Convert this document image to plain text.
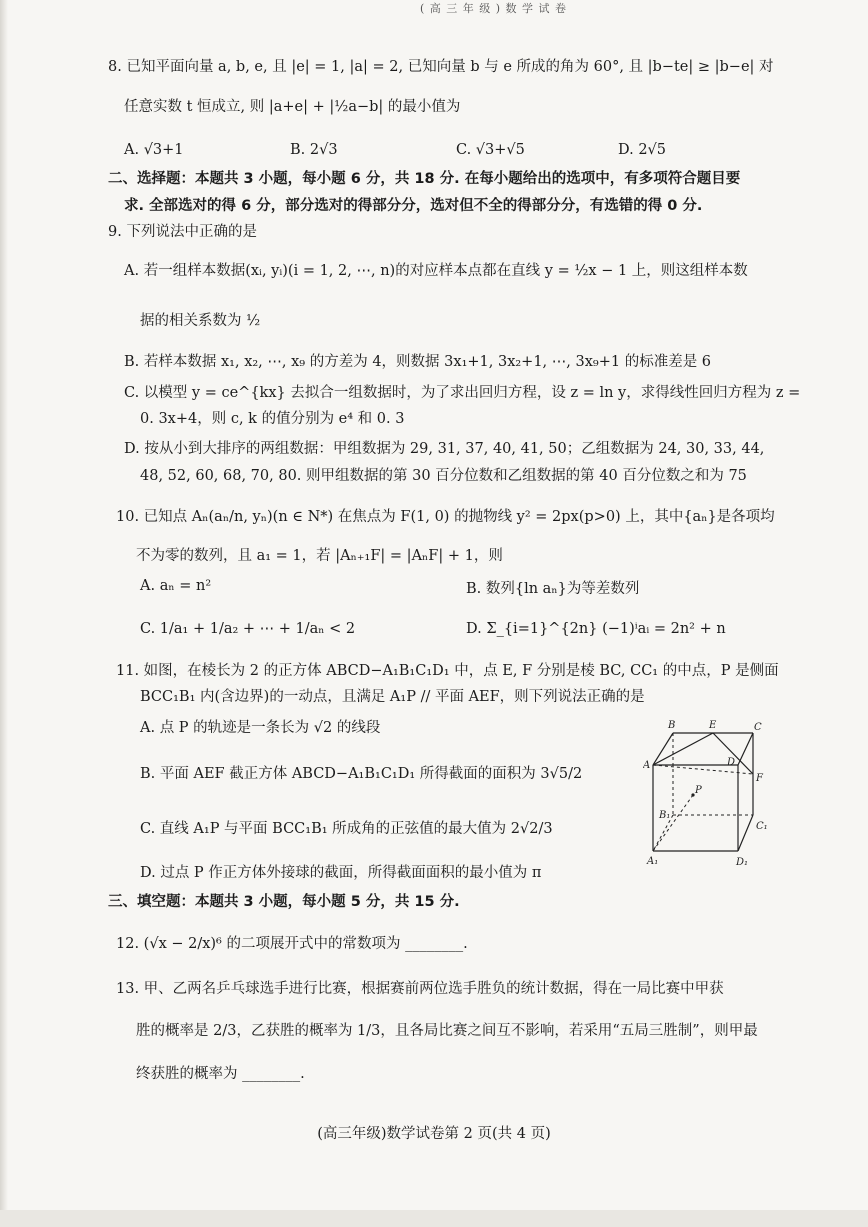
( 高 三 年 级 ) 数 学 试 卷
8. 已知平面向量 a, b, e, 且 |e| = 1, |a| = 2, 已知向量 b 与 e 所成的角为 60°, 且 |b−te| ≥ |b−e| 对
任意实数 t 恒成立, 则 |a+e| + |½a−b| 的最小值为
A. √3+1	B. 2√3	C. √3+√5	D. 2√5
二、选择题：本题共 3 小题，每小题 6 分，共 18 分. 在每小题给出的选项中，有多项符合题目要
求. 全部选对的得 6 分，部分选对的得部分分，选对但不全的得部分分，有选错的得 0 分.
9. 下列说法中正确的是
A. 若一组样本数据(xᵢ, yᵢ)(i = 1, 2, ⋯, n)的对应样本点都在直线 y = ½x − 1 上，则这组样本数
据的相关系数为 ½
B. 若样本数据 x₁, x₂, ⋯, x₉ 的方差为 4，则数据 3x₁+1, 3x₂+1, ⋯, 3x₉+1 的标准差是 6
C. 以模型 y = ce^{kx} 去拟合一组数据时，为了求出回归方程，设 z = ln y，求得线性回归方程为 z =
0. 3x+4，则 c, k 的值分别为 e⁴ 和 0. 3
D. 按从小到大排序的两组数据：甲组数据为 29, 31, 37, 40, 41, 50；乙组数据为 24, 30, 33, 44,
48, 52, 60, 68, 70, 80. 则甲组数据的第 30 百分位数和乙组数据的第 40 百分位数之和为 75
10. 已知点 Aₙ(aₙ/n, yₙ)(n ∈ N*) 在焦点为 F(1, 0) 的抛物线 y² = 2px(p>0) 上，其中{aₙ}是各项均
不为零的数列，且 a₁ = 1，若 |Aₙ₊₁F| = |AₙF| + 1，则
A. aₙ = n²	B. 数列{ln aₙ}为等差数列
C. 1/a₁ + 1/a₂ + ⋯ + 1/aₙ < 2	D. Σ_{i=1}^{2n} (−1)ⁱaᵢ = 2n² + n
11. 如图，在棱长为 2 的正方体 ABCD−A₁B₁C₁D₁ 中，点 E, F 分别是棱 BC, CC₁ 的中点，P 是侧面
BCC₁B₁ 内(含边界)的一动点，且满足 A₁P // 平面 AEF，则下列说法正确的是
A. 点 P 的轨迹是一条长为 √2 的线段
B. 平面 AEF 截正方体 ABCD−A₁B₁C₁D₁ 所得截面的面积为 3√5/2
C. 直线 A₁P 与平面 BCC₁B₁ 所成角的正弦值的最大值为 2√2/3
D. 过点 P 作正方体外接球的截面，所得截面面积的最小值为 π
B	E	C
A	D
F
P
B₁
C₁
A₁	D₁
三、填空题：本题共 3 小题，每小题 5 分，共 15 分.
12. (√x − 2/x)⁶ 的二项展开式中的常数项为 ________.
13. 甲、乙两名乒乓球选手进行比赛，根据赛前两位选手胜负的统计数据，得在一局比赛中甲获
胜的概率是 2/3，乙获胜的概率为 1/3，且各局比赛之间互不影响，若采用“五局三胜制”，则甲最
终获胜的概率为 ________.
(高三年级)数学试卷第 2 页(共 4 页)
